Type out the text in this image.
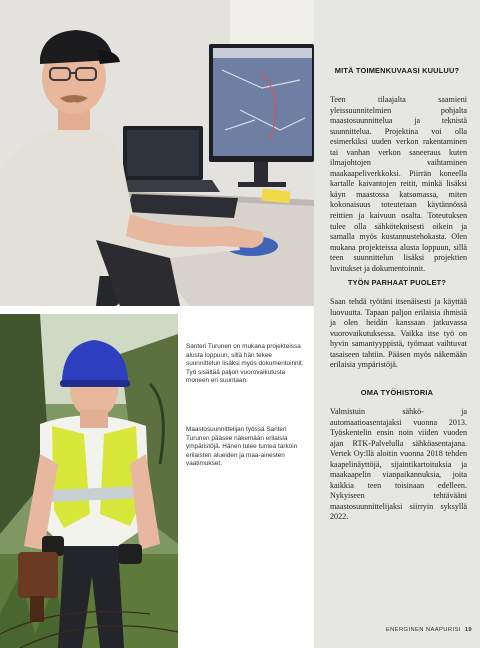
Santeri Turunen on mukana projekteissa alusta loppuun, sillä hän tekee suunnittelun lisäksi myös dokumentoinnit. Työ sisältää paljon vuorovaikutusta moneen eri suuntaan.
Maastosuunnittelijan työssä Santeri Turunen pääsee näkemään erilaisia ympäristöjä. Hänen tulee tuntea tarkoin erilaisten alueiden ja maa-ainesten vaatimukset.
MITÄ TOIMENKUVAASI KUULUU?

Teen tilaajalta saamieni yleissuunnitelmien pohjalta maastosuunnittelua ja teknistä suunnittelua. Projektina voi olla esimerkiksi uuden verkon rakentaminen tai vanhan verkon saneeraus kuten ilmajohtojen vaihtaminen maakaapeliverkkoksi. Piirrän koneella kartalle kaivantojen reitit, minkä lisäksi käyn maastossa katsomassa, miten kokonaisuus toteutetaan käytännössä reittien ja kaivuun osalta. Toteutuksen tulee olla sähköteknisesti oikein ja samalla myös kustannustehokasta. Olen mukana projekteissa alusta loppuun, sillä teen suunnittelun lisäksi projektien luvitukset ja dokumentoinnit.

TYÖN PARHAAT PUOLET?

Saan tehdä työtäni itsenäisesti ja käyttää luovuutta. Tapaan paljon erilaisia ihmisiä ja olen heidän kanssaan jatkuvassa vuorovaikutuksessa. Vaikka itse työ on hyvin samantyyppistä, työmaat vaihtuvat tasaiseen tahtiin. Pääsen myös näkemään erilaisia ympäristöjä.

OMA TYÖHISTORIA

Valmistuin sähkö- ja automaatioasentajaksi vuonna 2013. Työskentelin ensin noin viiden vuoden ajan RTK-Palvelulla sähköasentajana. Vertek Oy:llä aloitin vuonna 2018 tehden kaapelinäyttöjä, sijaintikartoituksia ja maakaapelin vianpaikannuksia, joita kaikkia teen toisinaan edelleen. Nykyiseen tehtävääni maastosuunnittelijaksi siirryin syksyllä 2022.

ENERGINEN NAAPURISI 19
